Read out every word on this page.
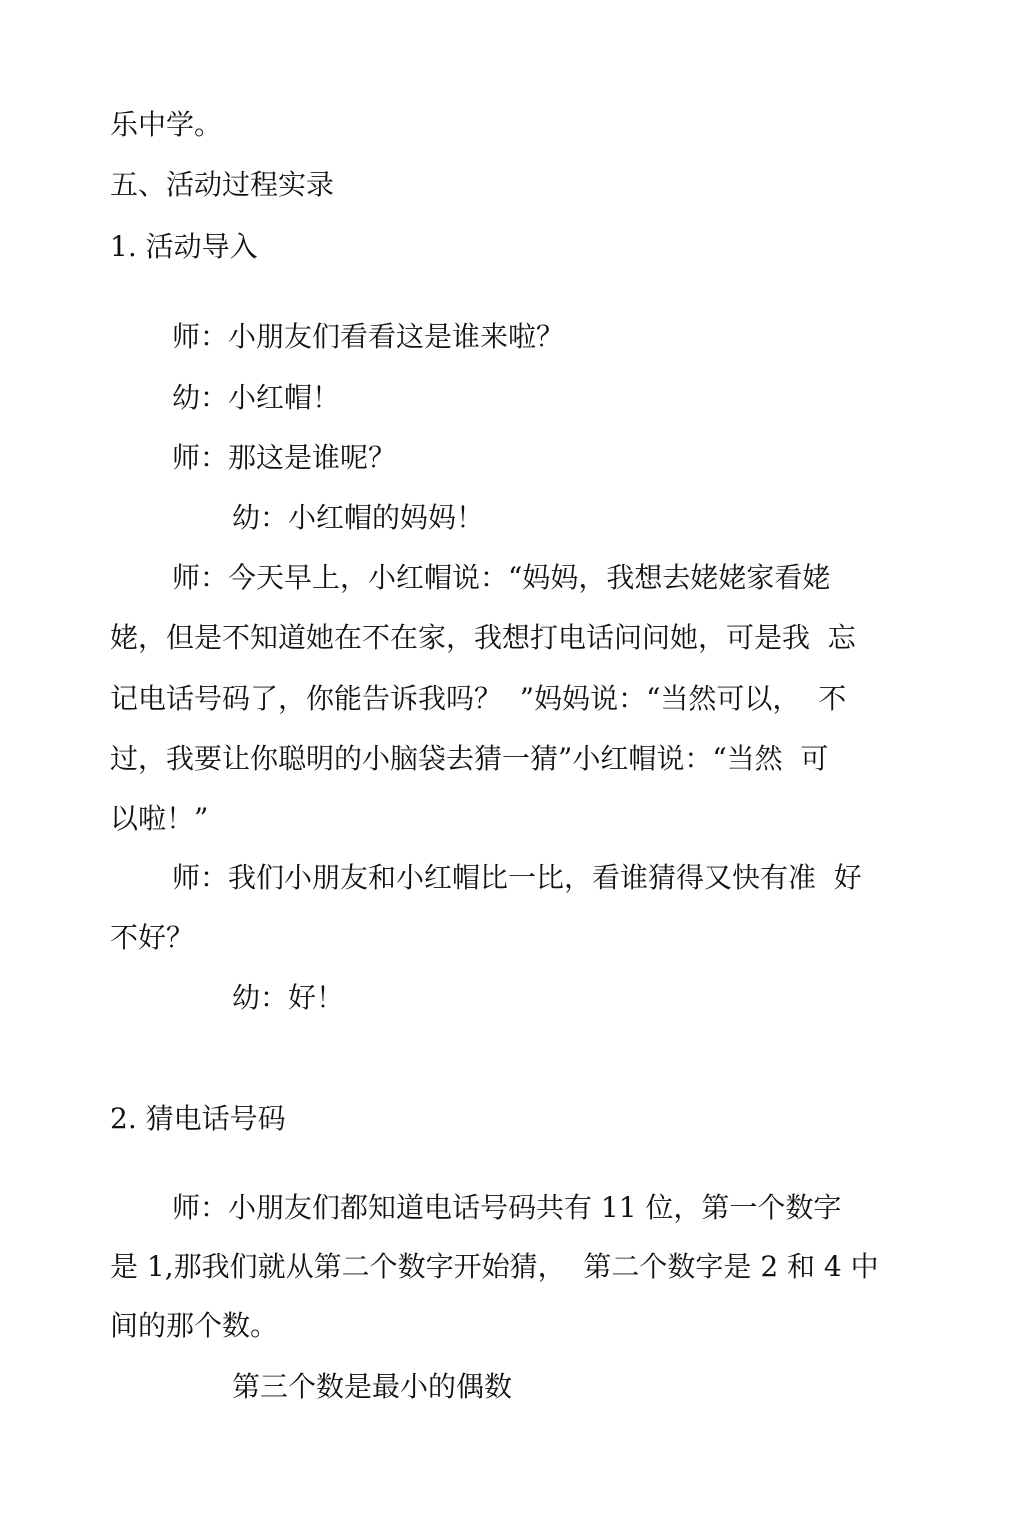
乐中学。
五、活动过程实录
1. 活动导入
师：小朋友们看看这是谁来啦？
幼：小红帽！
师：那这是谁呢？
幼：小红帽的妈妈！
师：今天早上，小红帽说：“妈妈，我想去姥姥家看姥
姥，但是不知道她在不在家，我想打电话问问她，可是我  忘
记电话号码了，你能告诉我吗？  ”妈妈说：“当然可以，  不
过，我要让你聪明的小脑袋去猜一猜”小红帽说：“当然  可
以啦！”
师：我们小朋友和小红帽比一比，看谁猜得又快有准  好
不好？
幼：好！
2. 猜电话号码
师：小朋友们都知道电话号码共有 11 位，第一个数字
是 1,那我们就从第二个数字开始猜，  第二个数字是 2 和 4 中
间的那个数。
第三个数是最小的偶数
